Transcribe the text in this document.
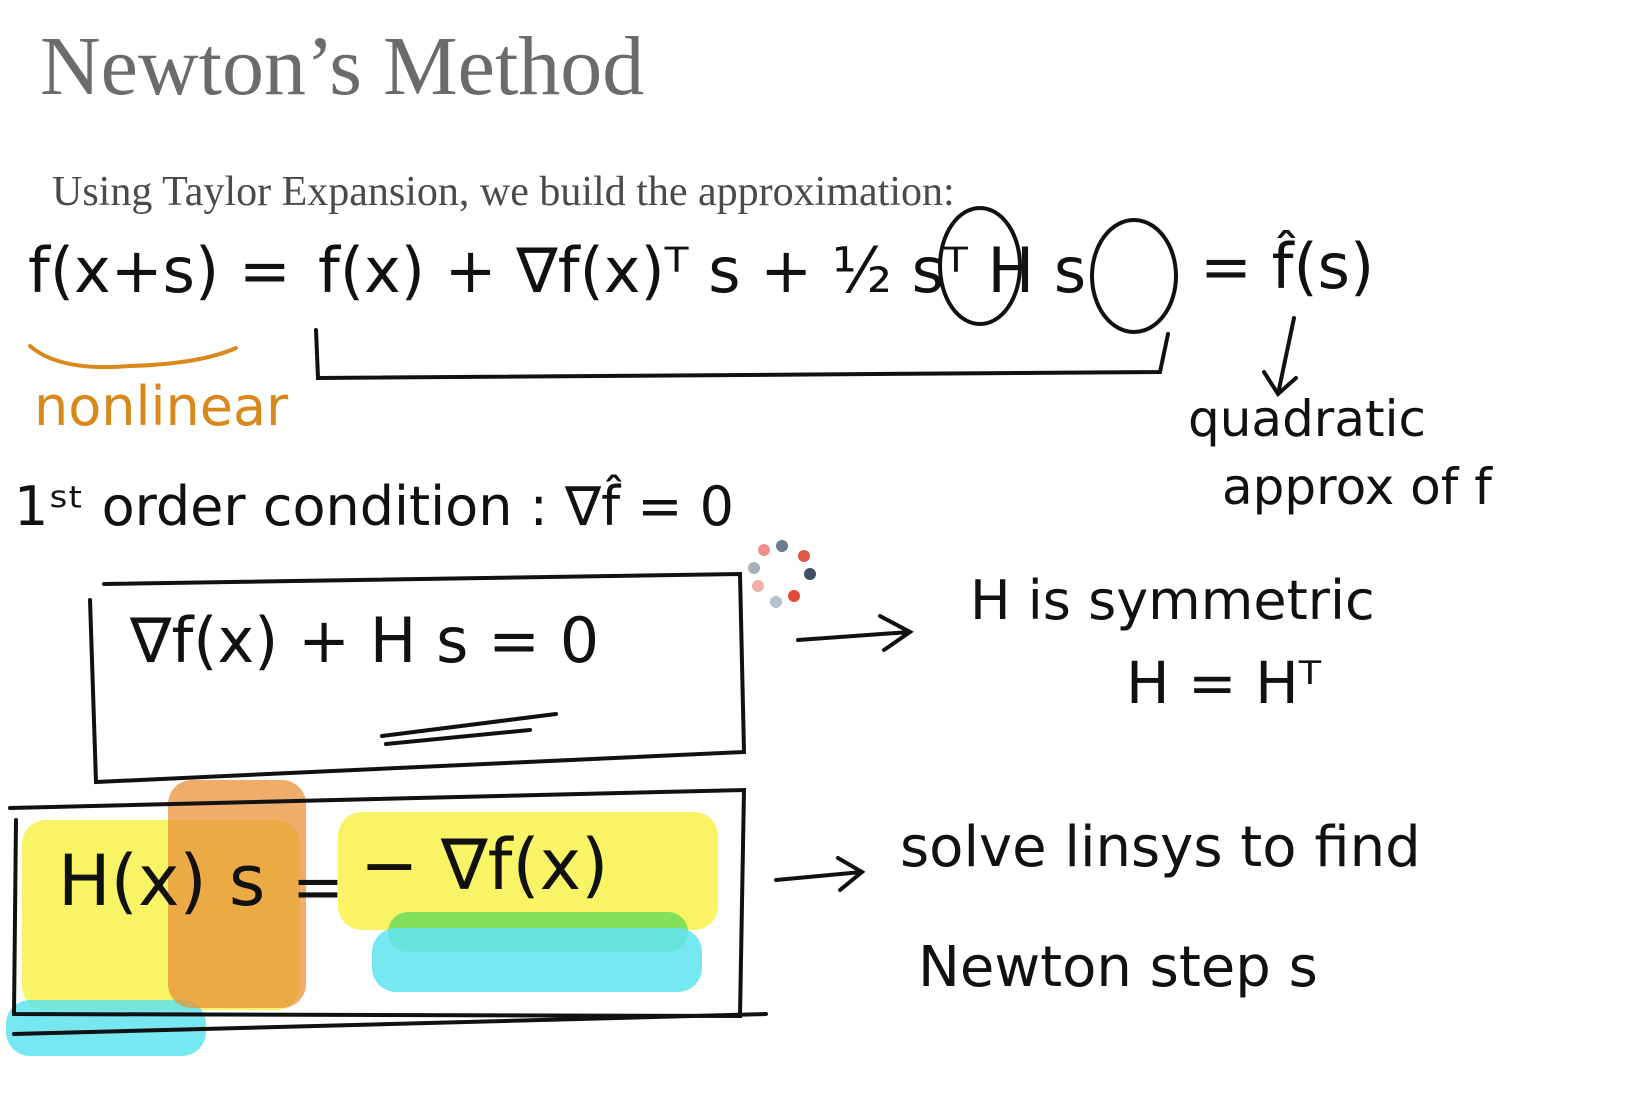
Newton’s Method
Using Taylor Expansion, we build the approximation:
f(x+s) = f(x) + ∇f(x)ᵀ s + ½ sᵀ H s = f̂(s)
nonlinear	quadratic
approx of f
1ˢᵗ order condition : ∇f̂ = 0
∇f(x) + H s = 0
H is symmetric
H = Hᵀ
H(x) s = − ∇f(x)	solve linsys to find
Newton step s
